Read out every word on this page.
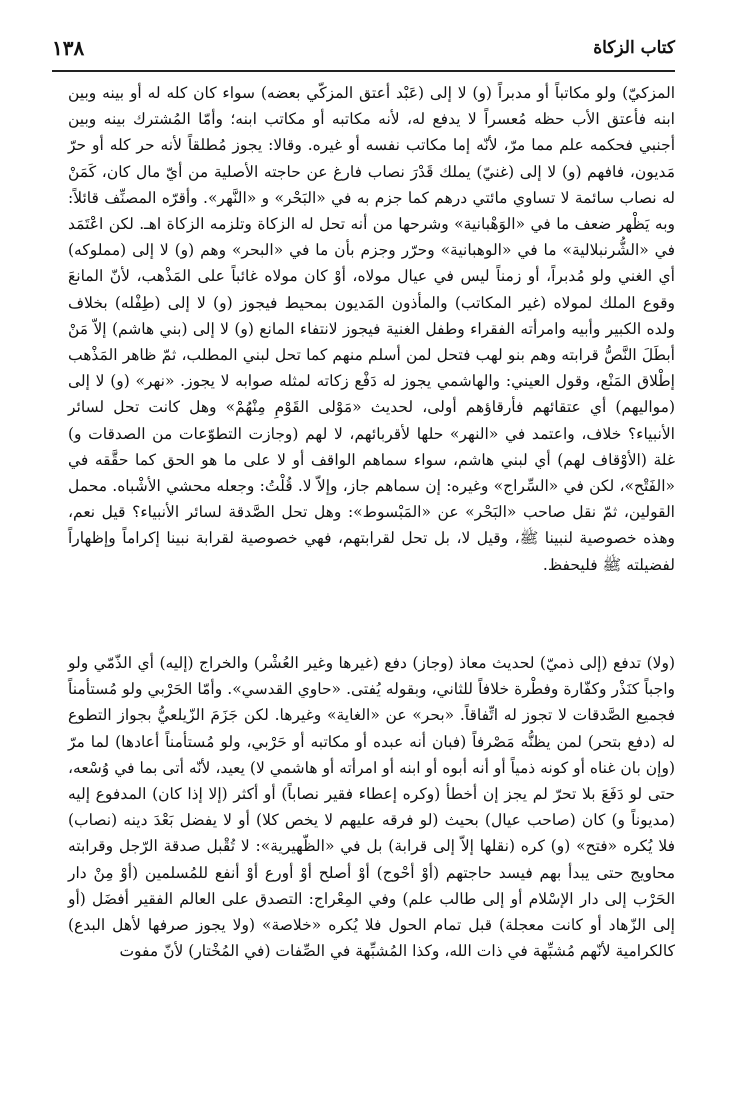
١٣٨	كتاب الزكاة

المزكيّ) ولو مكاتباً أو مدبراً (و) لا إلى (عَبْد أعتق المزكّي بعضه) سواء كان كله له أو بينه وبين ابنه فأعتق الأب حظه مُعسراً لا يدفع له، لأنه مكاتبه أو مكاتب ابنه؛ وأمّا المُشترك بينه وبين أجنبي فحكمه علم مما مرّ، لأنّه إما مكاتب نفسه أو غيره. وقالا: يجوز مُطلقاً لأنه حر كله أو حرّ مَديون، فافهم (و) لا إلى (غنيّ) يملك قَدْرَ نصاب فارغ عن حاجته الأصلية من أيّ مال كان، كَمَنْ له نصاب سائمة لا تساوي مائتي درهم كما جزم به في «البَحْر» و «النَّهر». وأقرّه المصنِّف قائلاً: وبه يَظْهر ضعف ما في «الوَهْبانية» وشرحها من أنه تحل له الزكاة وتلزمه الزكاة اهـ. لكن اعْتَمَد في «الشُّرنبلالية» ما في «الوهبانية» وحرّر وجزم بأن ما في «البحر» وهم (و) لا إلى (مملوكه) أي الغني ولو مُدبراً، أو زمناً ليس في عيال مولاه، أوْ كان مولاه غائباً على المَذْهب، لأنّ المانعَ وقوع الملك لمولاه (غير المكاتب) والمأذون المَديون بمحيط فيجوز (و) لا إلى (طِفْله) بخلاف ولده الكبير وأبيه وامرأته الفقراء وطفل الغنية فيجوز لانتفاء المانع (و) لا إلى (بني هاشم) إلاّ مَنْ أبطَلَ النَّصُّ قرابته وهم بنو لهب فتحل لمن أسلم منهم كما تحل لبني المطلب، ثمّ ظاهر المَذْهب إطْلاق المَنْع، وقول العيني: والهاشمي يجوز له دَفْع زكاته لمثله صوابه لا يجوز. «نهر» (و) لا إلى (مواليهم) أي عتقائهم فأرقاؤهم أولى، لحديث «مَوْلى القَوْمِ مِنْهُمْ» وهل كانت تحل لسائر الأنبياء؟ خلاف، واعتمد في «النهر» حلها لأقربائهم، لا لهم (وجازت التطوّعات من الصدقات و) غلة (الأوْقاف لهم) أي لبني هاشم، سواء سماهم الواقف أو لا على ما هو الحق كما حقَّقه في «الفَتْح»، لكن في «السِّراج» وغيره: إن سماهم جاز، وإلاّ لا. قُلْتُ: وجعله محشي الأشْباه. محمل القولين، ثمّ نقل صاحب «البَحْر» عن «المَبْسوط»: وهل تحل الصَّدقة لسائر الأنبياء؟ قيل نعم، وهذه خصوصية لنبينا ﷺ، وقيل لا، بل تحل لقرابتهم، فهي خصوصية لقرابة نبينا إكراماً وإظهاراً لفضيلته ﷺ فليحفظ.

(ولا) تدفع (إلى ذميّ) لحديث معاذ (وجاز) دفع (غيرها وغير العُشْر) والخراج (إليه) أي الذّمّي ولو واجباً كنَذْر وكفّارة وفطْرة خلافاً للثاني، وبقوله يُفتى. «حاوي القدسي». وأمّا الحَرْبي ولو مُستأمناً فجميع الصَّدقات لا تجوز له اتِّفاقاً. «بحر» عن «الغاية» وغيرها. لكن جَزَمَ الزّيلعيُّ بجواز التطوع له (دفع بتحر) لمن يظنُّه مَصْرفاً (فبان أنه عبده أو مكاتبه أو حَرْبي، ولو مُستأمناً أعادها) لما مرّ (وإن بان غناه أو كونه ذمياً أو أنه أبوه أو ابنه أو امرأته أو هاشمي لا) يعيد، لأنّه أتى بما في وُسْعه، حتى لو دَفَعَ بلا تحرّ لم يجز إن أخطأ (وكره إعطاء فقير نصاباً) أو أكثر (إلا إذا كان) المدفوع إليه (مديوناً و) كان (صاحب عيال) بحيث (لو فرقه عليهم لا يخص كلا) أو لا يفضل بَعْدَ دينه (نصاب) فلا يُكره «فتح» (و) كره (نقلها إلاّ إلى قرابة) بل في «الظّهيرية»: لا تُقْبل صدقة الرّجل وقرابته محاويج حتى يبدأ بهم فيسد حاجتهم (أوْ أحْوج) أوْ أصلح أوْ أورع أوْ أنفع للمُسلمين (أوْ مِنْ دار الحَرْب إلى دار الإسْلام أو إلى طالب علم) وفي المِعْراج: التصدق على العالم الفقير أفضَل (أو إلى الزّهاد أو كانت معجلة) قبل تمام الحول فلا يُكره «خلاصة» (ولا يجوز صرفها لأهل البدع) كالكرامية لأنّهم مُشبِّهة في ذات الله، وكذا المُشبِّهة في الصِّفات (في المُخْتار) لأنّ مفوت
